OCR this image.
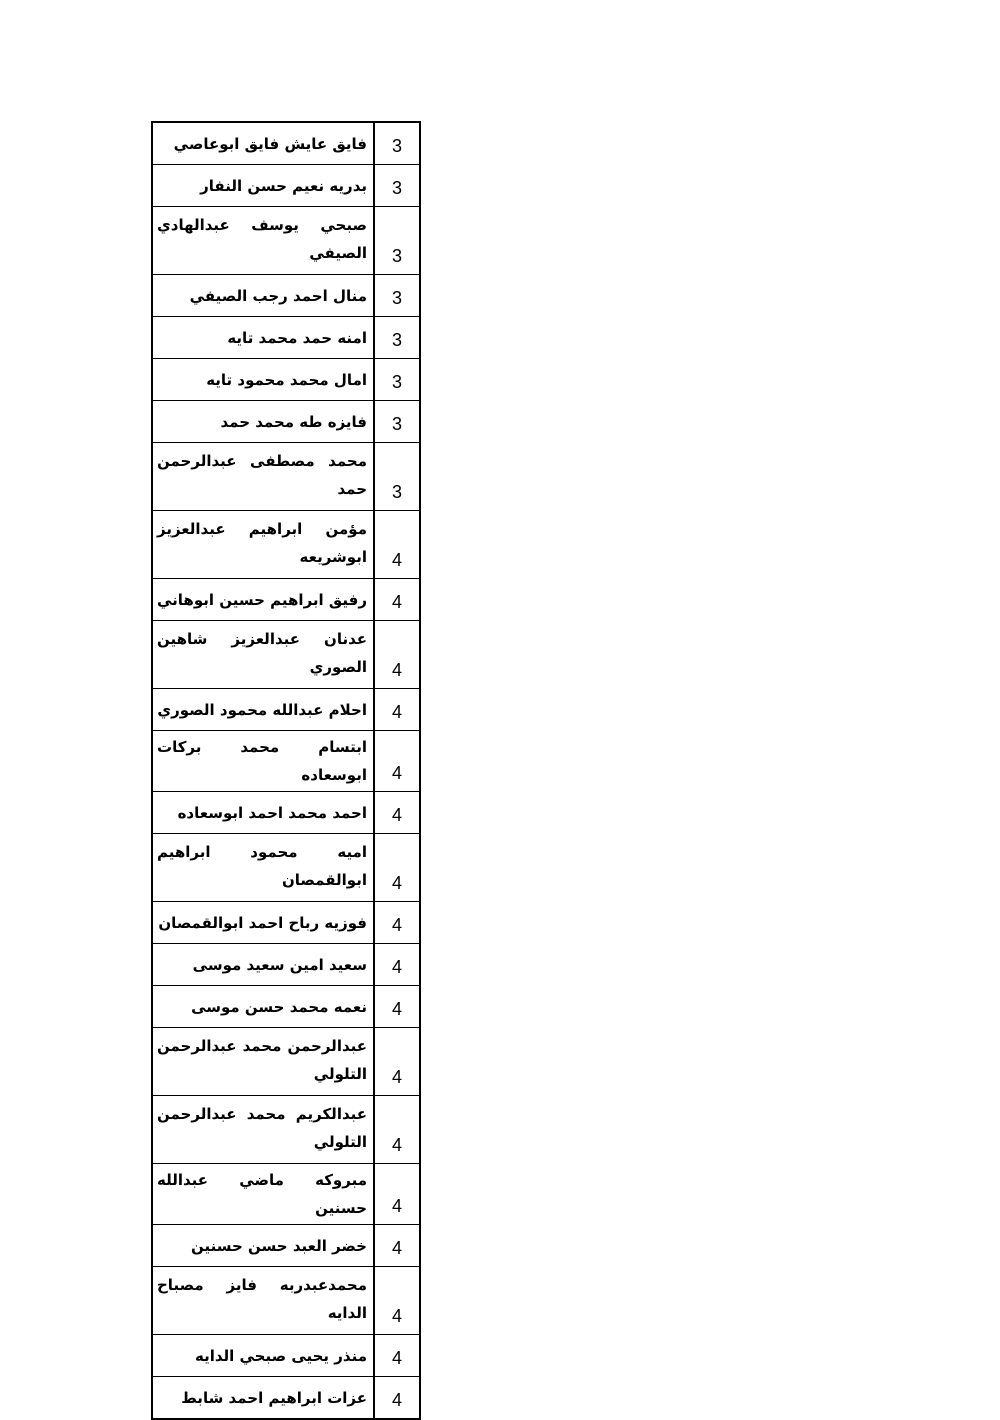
فايق عايش فايق ابوعاصي	3
بدريه نعيم حسن النفار	3
صبحي يوسف عبدالهادي الصيفي	3
منال احمد رجب الصيفي	3
امنه حمد محمد تايه	3
امال محمد محمود تايه	3
فايزه طه محمد حمد	3
محمد مصطفى عبدالرحمن حمد	3
مؤمن ابراهيم عبدالعزيز ابوشريعه	4
رفيق ابراهيم حسين ابوهاني	4
عدنان عبدالعزيز شاهين الصوري	4
احلام عبدالله محمود الصوري	4
ابتسام محمد بركات ابوسعاده	4
احمد محمد احمد ابوسعاده	4
اميه محمود ابراهيم ابوالقمصان	4
فوزيه رباح احمد ابوالقمصان	4
سعيد امين سعيد موسى	4
نعمه محمد حسن موسى	4
عبدالرحمن محمد عبدالرحمن التلولي	4
عبدالكريم محمد عبدالرحمن التلولي	4
مبروكه ماضي عبدالله حسنين	4
خضر العبد حسن حسنين	4
محمدعبدربه فايز مصباح الدايه	4
منذر يحيى صبحي الدايه	4
عزات ابراهيم احمد شابط	4
